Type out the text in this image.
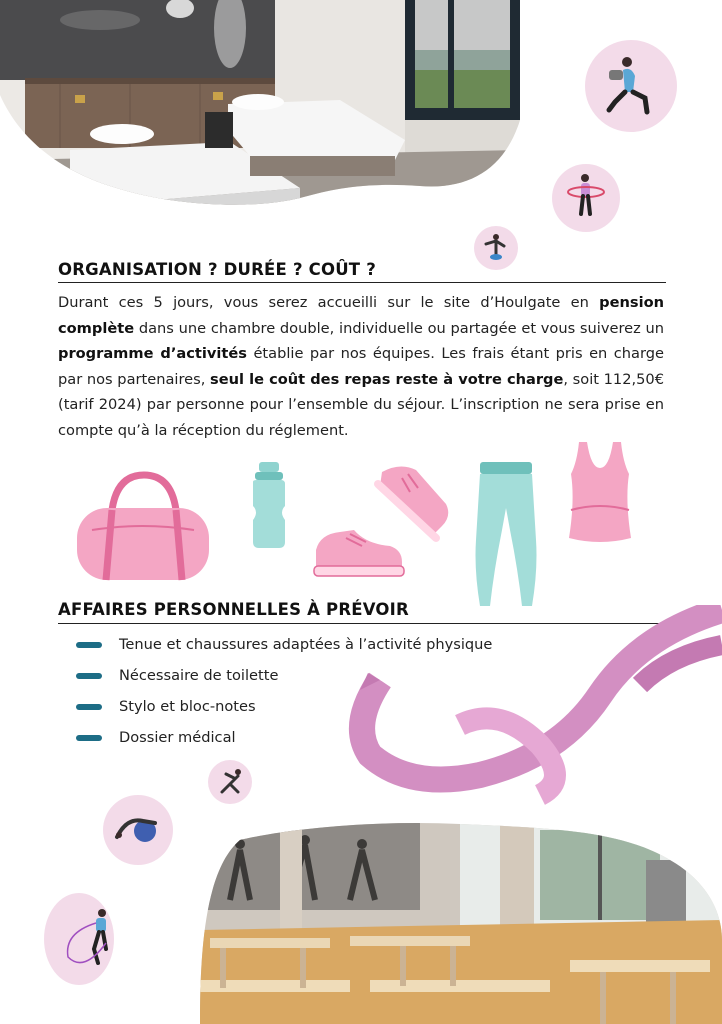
ORGANISATION ? DURÉE ? COÛT ?

Durant ces 5 jours, vous serez accueilli sur le site d’Houlgate en pension complète dans une chambre double, individuelle ou partagée et vous suiverez un programme d’activités établie par nos équipes. Les frais étant pris en charge par nos partenaires, seul le coût des repas reste à votre charge, soit 112,50€ (tarif 2024) par personne pour l’ensemble du séjour. L’inscription ne sera prise en compte qu’à la réception du réglement.

AFFAIRES PERSONNELLES À PRÉVOIR
Tenue et chaussures adaptées à l’activité physique
Nécessaire de toilette
Stylo et bloc-notes
Dossier médical
